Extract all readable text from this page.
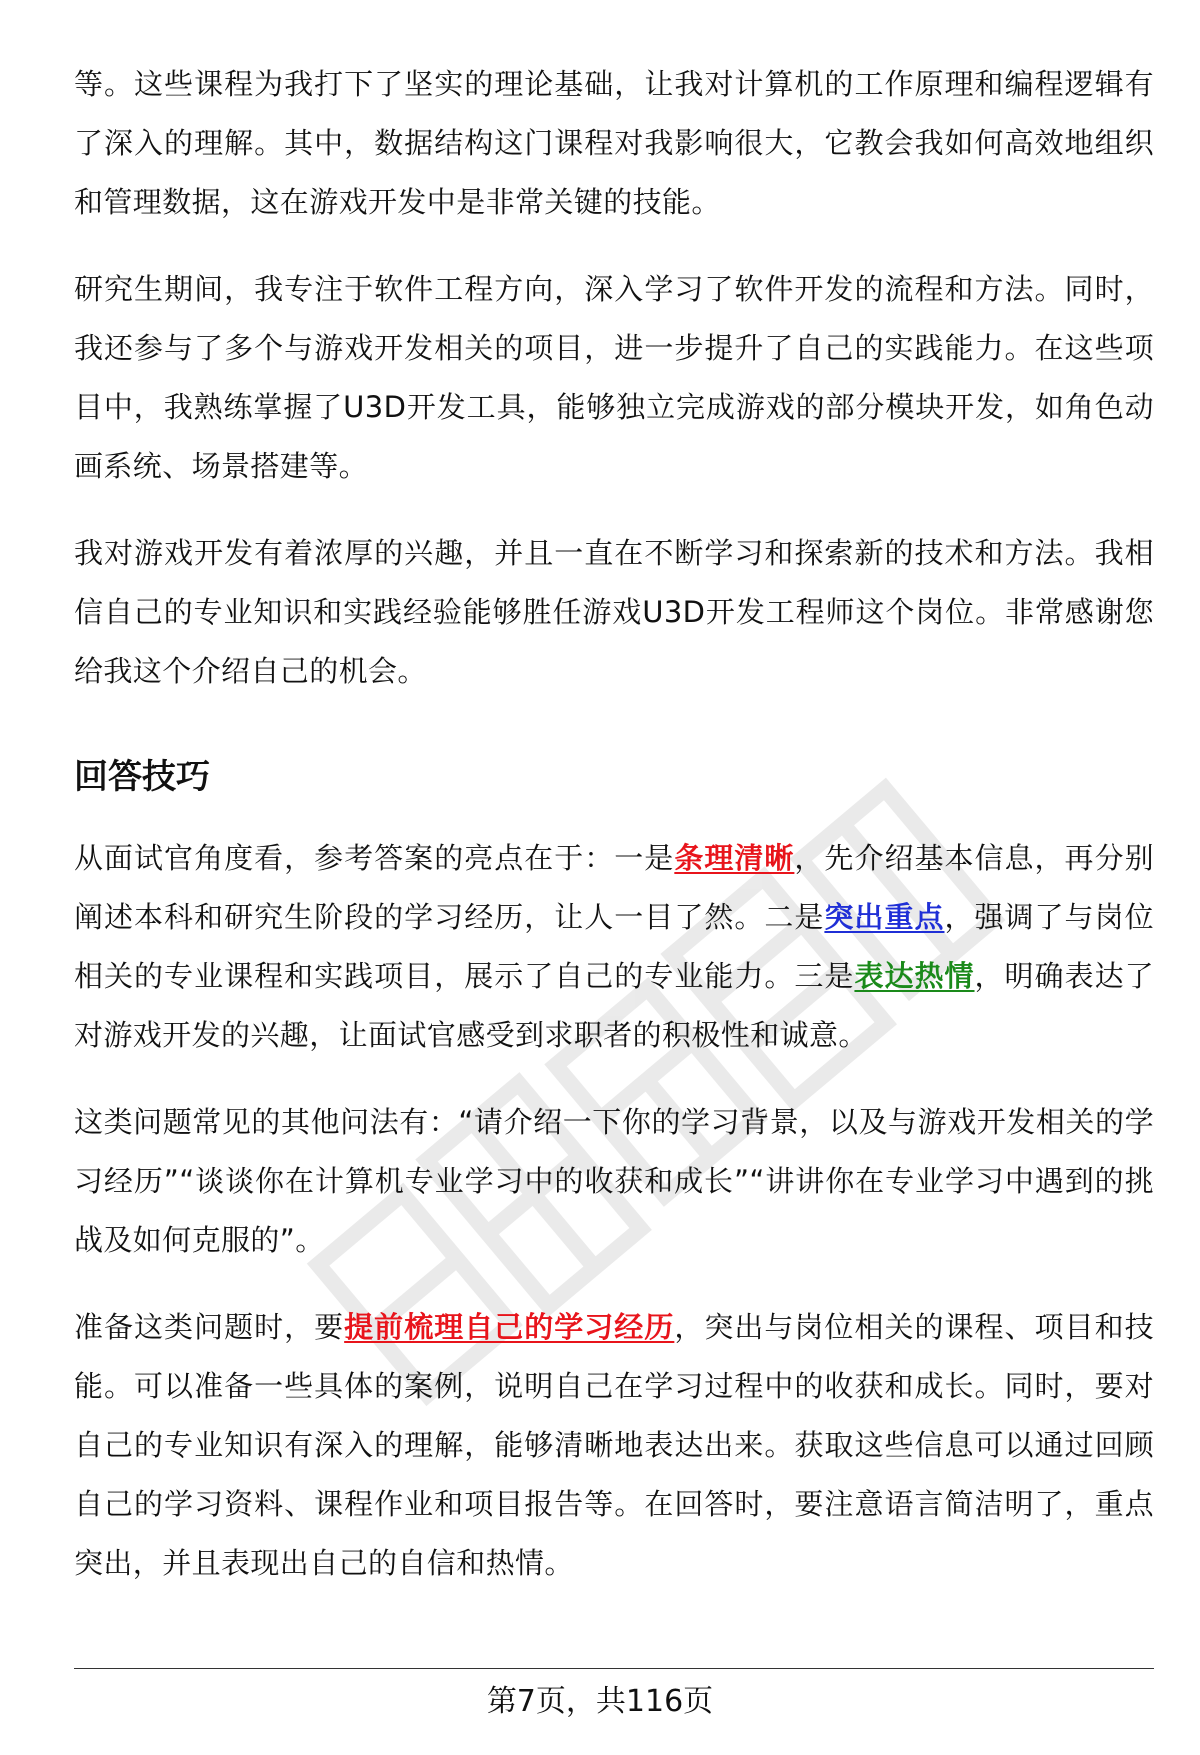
等。这些课程为我打下了坚实的理论基础，让我对计算机的工作原理和编程逻辑有了深入的理解。其中，数据结构这门课程对我影响很大，它教会我如何高效地组织和管理数据，这在游戏开发中是非常关键的技能。

研究生期间，我专注于软件工程方向，深入学习了软件开发的流程和方法。同时，我还参与了多个与游戏开发相关的项目，进一步提升了自己的实践能力。在这些项目中，我熟练掌握了U3D开发工具，能够独立完成游戏的部分模块开发，如角色动画系统、场景搭建等。

我对游戏开发有着浓厚的兴趣，并且一直在不断学习和探索新的技术和方法。我相信自己的专业知识和实践经验能够胜任游戏U3D开发工程师这个岗位。非常感谢您给我这个介绍自己的机会。

回答技巧

从面试官角度看，参考答案的亮点在于：一是条理清晰，先介绍基本信息，再分别阐述本科和研究生阶段的学习经历，让人一目了然。二是突出重点，强调了与岗位相关的专业课程和实践项目，展示了自己的专业能力。三是表达热情，明确表达了对游戏开发的兴趣，让面试官感受到求职者的积极性和诚意。

这类问题常见的其他问法有：“请介绍一下你的学习背景，以及与游戏开发相关的学习经历”“谈谈你在计算机专业学习中的收获和成长”“讲讲你在专业学习中遇到的挑战及如何克服的”。

准备这类问题时，要提前梳理自己的学习经历，突出与岗位相关的课程、项目和技能。可以准备一些具体的案例，说明自己在学习过程中的收获和成长。同时，要对自己的专业知识有深入的理解，能够清晰地表达出来。获取这些信息可以通过回顾自己的学习资料、课程作业和项目报告等。在回答时，要注意语言简洁明了，重点突出，并且表现出自己的自信和热情。

第7页，共116页
